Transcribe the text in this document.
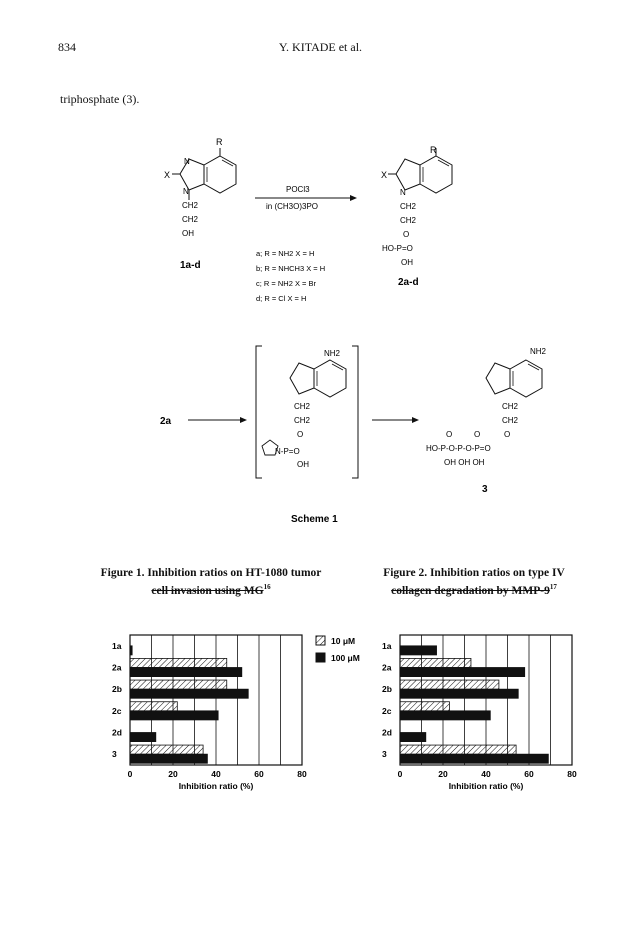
834	Y. KITADE et al.
triphosphate (3).
R
X
N
N
CH2
CH2
OH
1a-d
POCl3
in (CH3O)3PO
a; R = NH2 X = H
b; R = NHCH3 X = H
c; R = NH2 X = Br
d; R = Cl X = H
R
X
N
CH2
CH2
O
HO-P=O
OH
2a-d
2a
NH2
CH2
CH2
O
N-P=O
OH
NH2
CH2
CH2
O	O	O
HO-P-O-P-O-P=O
OH OH OH
3
Scheme 1
Figure 1. Inhibition ratios on HT-1080 tumor
cell invasion using MG$^{16}$
Figure 2. Inhibition ratios on type IV
collagen degradation by MMP-$9^{17}$
1a
2a
2b
2c
2d
3
0	20	40	60	80
Inhibition ratio (%)
1a
2a
2b
2c
2d
3
0	20	40	60	80
Inhibition ratio (%)
10 μM
100 μM
